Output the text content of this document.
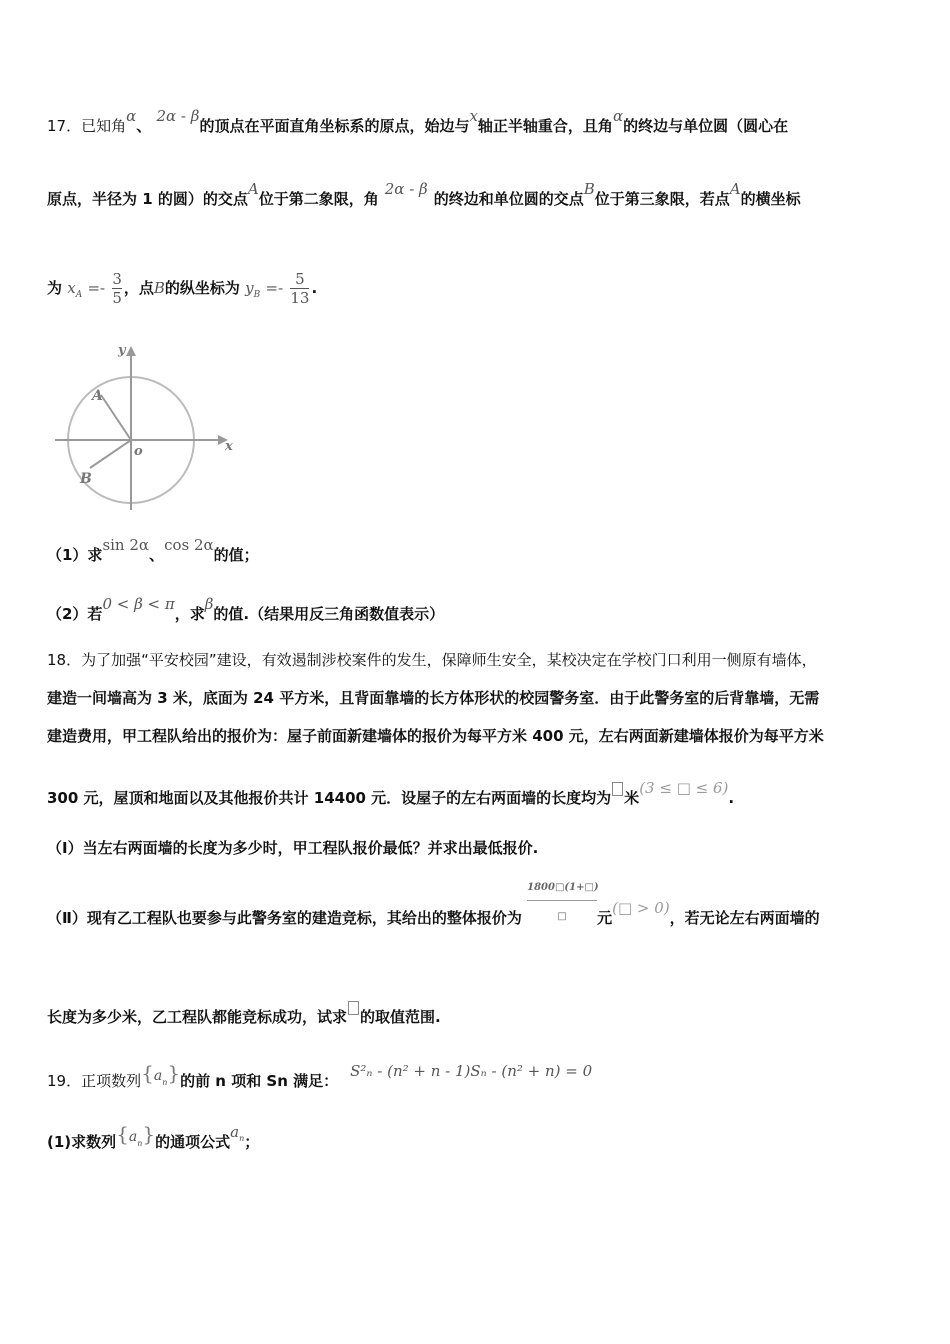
17．已知角α、 2α - β的顶点在平面直角坐标系的原点，始边与x轴正半轴重合，且角α的终边与单位圆（圆心在
原点，半径为 1 的圆）的交点A位于第二象限，角2α - β的终边和单位圆的交点B位于第三象限，若点A的横坐标
为 $x_A =- \frac{3}{5}$ ，点B的纵坐标为 $y_B =- \frac{5}{13}$ .
y
x
o
A
B
（1）求sin 2α、cos 2α的值；
（2）若0 < β < π，求β的值.（结果用反三角函数值表示）
18．为了加强“平安校园”建设，有效遏制涉校案件的发生，保障师生安全，某校决定在学校门口利用一侧原有墙体，
建造一间墙高为 3 米，底面为 24 平方米，且背面靠墙的长方体形状的校园警务室．由于此警务室的后背靠墙，无需
建造费用，甲工程队给出的报价为：屋子前面新建墙体的报价为每平方米 400 元，左右两面新建墙体报价为每平方米
300 元，屋顶和地面以及其他报价共计 14400 元．设屋子的左右两面墙的长度均为 米(3 ≤ □ ≤ 6).
（Ⅰ）当左右两面墙的长度为多少时，甲工程队报价最低？并求出最低报价.
（Ⅱ）现有乙工程队也要参与此警务室的建造竞标，其给出的整体报价为
1800□(1+□)
□	元(□ > 0)，若无论左右两面墙的
长度为多少米，乙工程队都能竞标成功，试求 的取值范围.
19．正项数列$\{a_n\}$的前 n 项和 Sn 满足：S²ₙ - (n² + n - 1)Sₙ - (n² + n) = 0
(1)求数列$\{a_n\}$的通项公式$a_n$；
